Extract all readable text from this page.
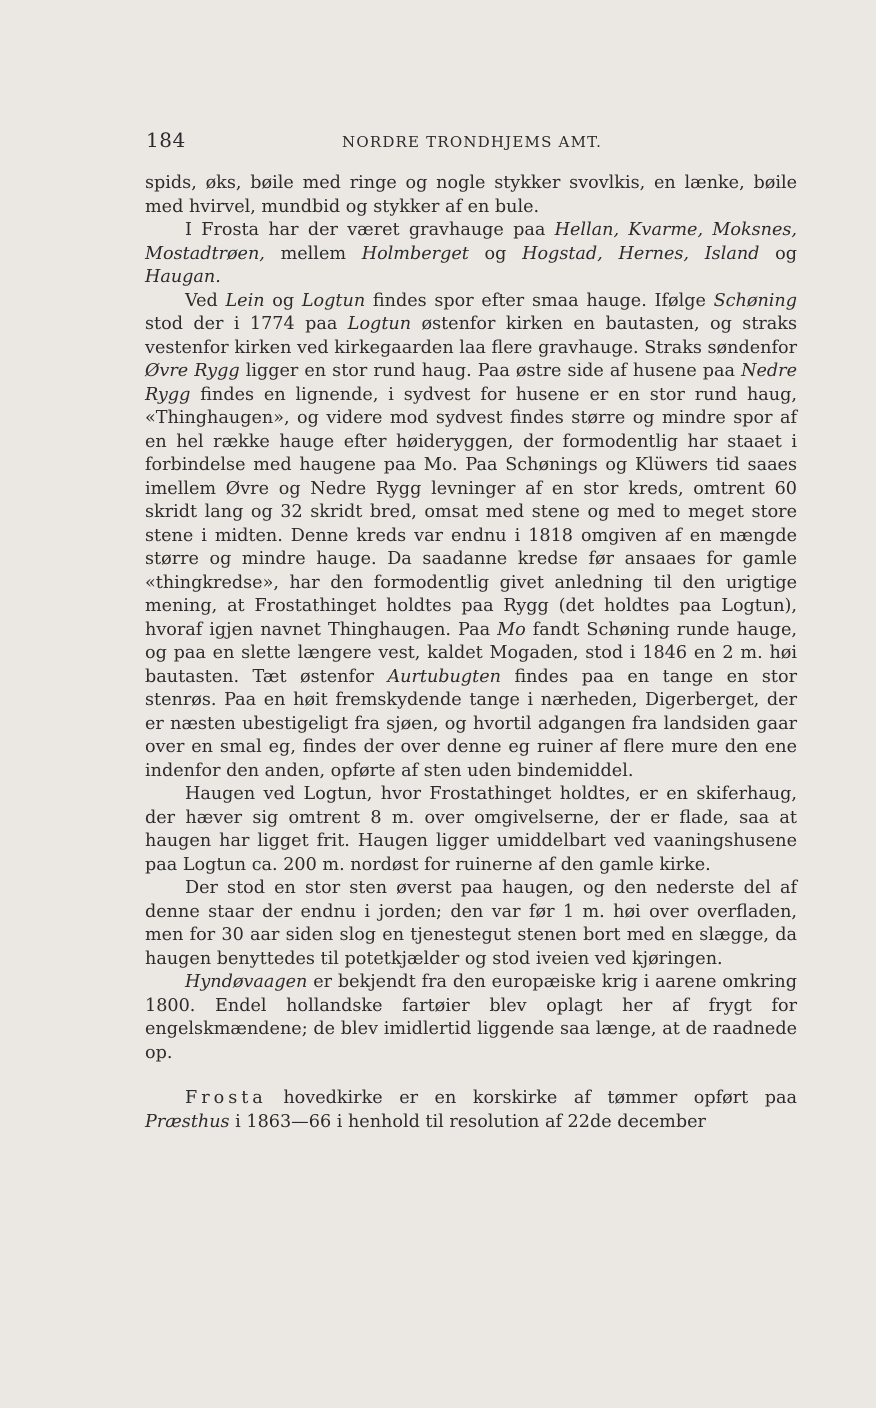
184	NORDRE TRONDHJEMS AMT.

spids, øks, bøile med ringe og nogle stykker svovlkis, en lænke, bøile med hvirvel, mundbid og stykker af en bule.

I Frosta har der været gravhauge paa Hellan, Kvarme, Moksnes, Mostadtrøen, mellem Holmberget og Hogstad, Hernes, Island og Haugan.

Ved Lein og Logtun findes spor efter smaa hauge. Ifølge Schøning stod der i 1774 paa Logtun østenfor kirken en bautasten, og straks vestenfor kirken ved kirkegaarden laa flere gravhauge. Straks søndenfor Øvre Rygg ligger en stor rund haug. Paa østre side af husene paa Nedre Rygg findes en lignende, i sydvest for husene er en stor rund haug, «Thinghaugen», og videre mod sydvest findes større og mindre spor af en hel række hauge efter høideryggen, der formodentlig har staaet i forbindelse med haugene paa Mo. Paa Schønings og Klüwers tid saaes imellem Øvre og Nedre Rygg levninger af en stor kreds, omtrent 60 skridt lang og 32 skridt bred, omsat med stene og med to meget store stene i midten. Denne kreds var endnu i 1818 omgiven af en mængde større og mindre hauge. Da saadanne kredse før ansaaes for gamle «thingkredse», har den formodentlig givet anledning til den urigtige mening, at Frostathinget holdtes paa Rygg (det holdtes paa Logtun), hvoraf igjen navnet Thinghaugen. Paa Mo fandt Schøning runde hauge, og paa en slette længere vest, kaldet Mogaden, stod i 1846 en 2 m. høi bautasten. Tæt østenfor Aurtubugten findes paa en tange en stor stenrøs. Paa en høit fremskydende tange i nærheden, Digerberget, der er næsten ubestigeligt fra sjøen, og hvortil adgangen fra landsiden gaar over en smal eg, findes der over denne eg ruiner af flere mure den ene indenfor den anden, opførte af sten uden bindemiddel.

Haugen ved Logtun, hvor Frostathinget holdtes, er en skiferhaug, der hæver sig omtrent 8 m. over omgivelserne, der er flade, saa at haugen har ligget frit. Haugen ligger umiddelbart ved vaaningshusene paa Logtun ca. 200 m. nordøst for ruinerne af den gamle kirke.

Der stod en stor sten øverst paa haugen, og den nederste del af denne staar der endnu i jorden; den var før 1 m. høi over overfladen, men for 30 aar siden slog en tjenestegut stenen bort med en slægge, da haugen benyttedes til potetkjælder og stod iveien ved kjøringen.

Hyndøvaagen er bekjendt fra den europæiske krig i aarene omkring 1800. Endel hollandske fartøier blev oplagt her af frygt for engelskmændene; de blev imidlertid liggende saa længe, at de raadnede op.

Frosta hovedkirke er en korskirke af tømmer opført paa Præsthus i 1863—66 i henhold til resolution af 22de december
